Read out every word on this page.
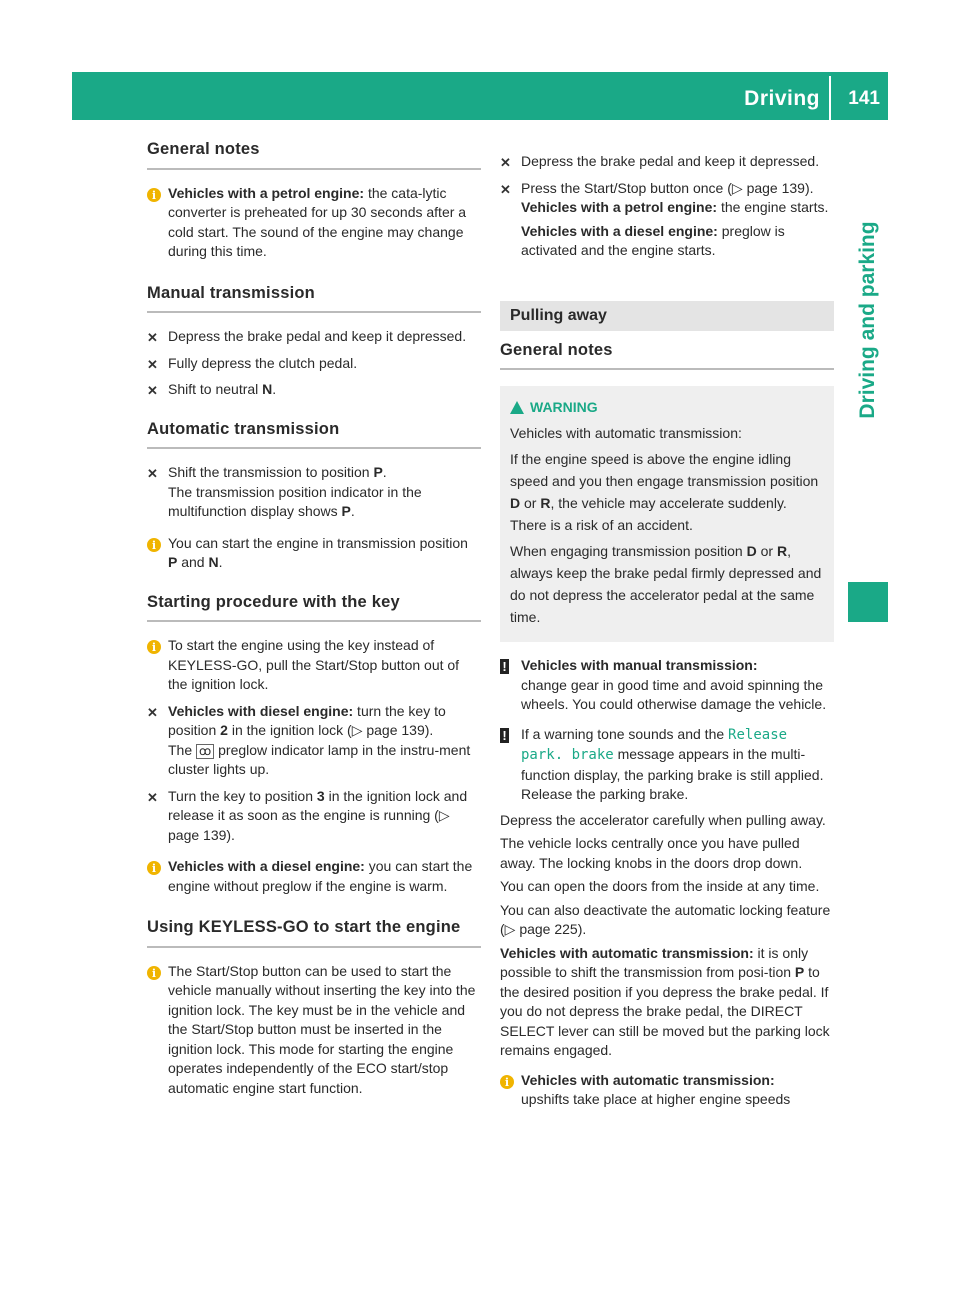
Driving 141
Driving and parking
General notes
i Vehicles with a petrol engine: the cata-lytic converter is preheated for up 30 seconds after a cold start. The sound of the engine may change during this time.
Manual transmission
✕ Depress the brake pedal and keep it depressed.
✕ Fully depress the clutch pedal.
✕ Shift to neutral N.
Automatic transmission
✕ Shift the transmission to position P.
The transmission position indicator in the multifunction display shows P.
i You can start the engine in transmission position P and N.
Starting procedure with the key
i To start the engine using the key instead of KEYLESS-GO, pull the Start/Stop button out of the ignition lock.
✕ Vehicles with diesel engine: turn the key to position 2 in the ignition lock (▷ page 139).
The ꝏ preglow indicator lamp in the instru-ment cluster lights up.
✕ Turn the key to position 3 in the ignition lock and release it as soon as the engine is running (▷ page 139).
i Vehicles with a diesel engine: you can start the engine without preglow if the engine is warm.
Using KEYLESS-GO to start the engine
i The Start/Stop button can be used to start the vehicle manually without inserting the key into the ignition lock. The key must be in the vehicle and the Start/Stop button must be inserted in the ignition lock. This mode for starting the engine operates independently of the ECO start/stop automatic engine start function.
✕ Depress the brake pedal and keep it depressed.
✕ Press the Start/Stop button once (▷ page 139).
Vehicles with a petrol engine: the engine starts.
Vehicles with a diesel engine: preglow is activated and the engine starts.
Pulling away
General notes
WARNING

Vehicles with automatic transmission:

If the engine speed is above the engine idling speed and you then engage transmission position D or R, the vehicle may accelerate suddenly. There is a risk of an accident.

When engaging transmission position D or R, always keep the brake pedal firmly depressed and do not depress the accelerator pedal at the same time.

!	Vehicles with manual transmission:
change gear in good time and avoid spinning the wheels. You could otherwise damage the vehicle.
!	If a warning tone sounds and the Release park. brake message appears in the multi-function display, the parking brake is still applied. Release the parking brake.

Depress the accelerator carefully when pulling away.

The vehicle locks centrally once you have pulled away. The locking knobs in the doors drop down.

You can open the doors from the inside at any time.

You can also deactivate the automatic locking feature (▷ page 225).

Vehicles with automatic transmission: it is only possible to shift the transmission from posi-tion P to the desired position if you depress the brake pedal. If you do not depress the brake pedal, the DIRECT SELECT lever can still be moved but the parking lock remains engaged.

i Vehicles with automatic transmission:
upshifts take place at higher engine speeds
